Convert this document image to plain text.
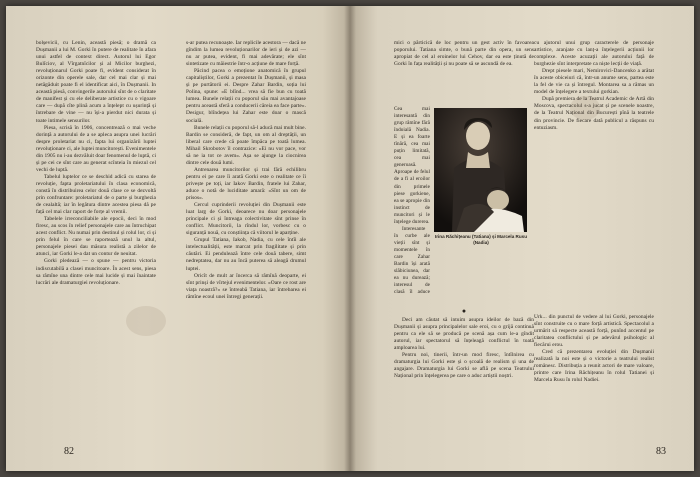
bolșevicii, cu Lenin, această piesă; o dramă ca Dușmanii a lui M. Gorki în putere de realitate în afara unui astfel de context direct. Autorul lui Egor Bulîciov, al Vîrgatnîcilor și al Micilor burghezi, revoluționarul Gorki poate fi, evident considerat în orizonte din operele sale, dar cel mai clar și mai netăgăduit poate fi el identificat aici, în Dușmanii. In această piesă, convingerile autorului sînt de o claritate de manifest și cu ele deliberate artistice cu o vigoare care — după cîte plină acum a înțelept cu ușurință și întrebare de vine — nu își-a pierdut nici durata și toate intimele sensurilor.

Piesa, scrisă în 1906, concentrează o mai veche dorință a autorului de a se apleca asupra unei lucrări despre proletariat nu ci, fapta lui organizării luptei revoluționare ci, ale luptei muncitorești. Evenimentele din 1905 nu i-au dezvăluit doar fenomenul de luptă, ci și pe cei ce sînt care au generat scînteia în miezul cel vechi de luptă.

Tabelul luptelor ce se deschid adică cu starea de revoluție, fapta proletariatului în clasa economică, constă în distribuirea celor două clase ce se dezvoltă prin confruntare: proletariatul de o parte și burghezia de cealaltă; iar în legătura dintre acestea piesa dă pe față cel mai clar raport de forțe al vremii.

Tabelele irreconciliabile ale epocii, deci în mod firesc, au scos în relief personajele care au întruchipat acest conflict. Nu numai prin destinul și rolul lor, ci și prin felul în care se raportează unul la altul, personajele piesei dau măsura realistă a zilelor de atunci, iar Gorki le-a dat un contur de neuitat.

Gorki pledează — o spune — pentru victoria indiscutabilă a clasei muncitoare. În acest sens, piesa sa rămîne una dintre cele mai lucide și mai înaintate lucrări ale dramaturgiei revoluționare.

s-ar putea recunoaște. Iar replicile acestora — dacă ne gîndim la lumea revoluționarilor de ieri și de azi — nu ar putea, evident, fi mai adevărate; ele sînt sintetizate cu măiestrie într-o acțiune de mare forță.

Păcind pacea o emoțione anatomică în grupul capitaliștilor, Gorki a prezentat în Dușmanii, și masa și pe purtătorii ei. Despre Zahar Bardin, soția lui Polina, spune: «E blînd... vrea să fie bun cu toată lumea. Bunele relații cu poporul său mai avantajoase pentru această sferă a conducerii căreia ea face parte». Desigur, blîndețea lui Zahar este doar o mască socială.

Bunele relații cu poporul să-l aducă mai mult bine. Bardin se consideră, de fapt, un om al dreptății, un liberal care crede că poate împăca pe toată lumea. Mihail Skrobotov îl contrazice: «Ei nu vor pace, vor să ne ia tot ce avem». Așa se ajunge la ciocnirea dintre cele două lumi.

Antrenarea muncitorilor și trai fără echilibru pentru ei pe care îi arată Gorki este o realitate ce îi privește pe toți, iar Iakov Bardin, fratele lui Zahar, aduce o notă de luciditate amară: «Sînt un om de prisos».

Cercul cuprinderii revoluției din Dușmanii este luat larg de Gorki, deoarece nu doar personajele principale ci și întreaga colectivitate sînt prinse în conflict. Muncitorii, la rîndul lor, vorbesc cu o siguranță nouă, cu conștiința că viitorul le aparține.

Grupul Tatiana, Iakob, Nadia, cu cele întîi ale intelectualității, este marcat prin fragilitate și prin căutări. Ei pendulează între cele două tabere, simt nedreptatea, dar nu au încă puterea să aleagă drumul luptei.

Oricît de mult ar încerca să rămînă deoparte, ei sînt prinși de vîrtejul evenimentelor. «Oare ce rost are viața noastră?» se întreabă Tatiana, iar întrebarea ei rămîne ecoul unei întregi generații.

82

cu ajutorul unui grup caracterele de personaje artistice, aranjate cu lanț-a înțelegerii acțiunii lor complexe. Aceste acuzații ale autorului față de burghezie sînt interpretate ca niște lecții de viață.

Drept piesele mari, Nemirovici-Dancenko a arătat în aceste obiceiuri că, într-un anume sens, partea este la fel de vie ca și întregul. Montarea sa a rămas un model de înțelegere a textului gorkian.

După premiera de la Teatrul Academic de Artă din Moscova, spectacolul s-a jucat și pe scenele noastre, de la Teatrul Național din București pînă la teatrele din provincie. De fiecare dată publicul a răspuns cu entuziasm.

mici o părticică de loc pentru un gest activ în favoarea poporului. Tatiana simte, o bună parte din opera, un sens apropiat de cel al eroinelor lui Cehov, dar ea este ținută de Gorki în fața realității și nu poate să se ascundă de ea.

Cea mai interesantă din grup rămîne fără îndoială Nadia. E și ea foarte tînără, cea mai puțin limitată, cea mai generoasă. Aproape de felul de a fi al eroilor din primele piese gorkiene, ea se apropie din instinct de muncitori și le înțelege durerea.

Interesante în curbe ale vieții sînt și momentele în care Zahar Bardin își arată slăbiciunea, dar ea nu durează; interesul de clasă îl aduce

Irina Răchițeanu (Tatiana) și Marcela Rusu (Nadia)
●

Deci am căutat să intuim asupra ideilor de bază din Dușmanii și asupra principalelor sale eroi, cu o grijă continuă pentru ca ele să se producă pe scenă așa cum le-a gîndit autorul, iar spectatorul să înțeleagă conflictul în toată amploarea lui.

Pentru noi, tinerii, într-un mod firesc, întîlnirea cu dramaturgia lui Gorki este și o școală de realism și una de angajare. Dramaturgia lui Gorki se află pe scena Teatrului Național prin înțelegerea pe care o aduc artiștii noștri.

Urk... din punctul de vedere al lui Gorki, personajele sînt construite cu o mare forță artistică. Spectacolul a urmărit să respecte această forță, punînd accentul pe claritatea conflictului și pe adevărul psihologic al fiecărui erou.

Cred că prezentarea evoluției din Dușmanii realizată la noi este și o victorie a teatrului realist românesc. Distribuția a reunit actori de mare valoare, printre care Irina Răchițeanu în rolul Tatianei și Marcela Rusu în rolul Nadiei.

83
